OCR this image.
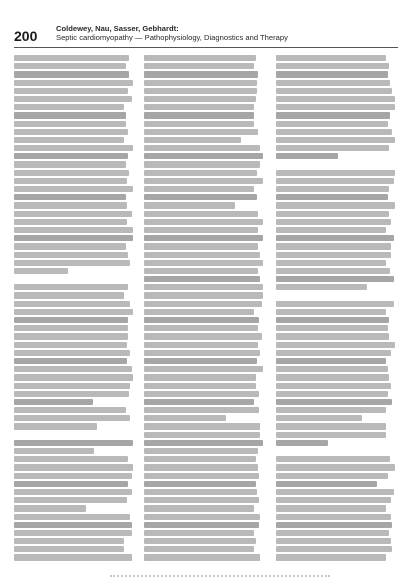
200 Coldewey, Nau, Sasser, Gebhardt:
Septic cardiomyopathy — Pathophysiology, Diagnostics and Therapy
